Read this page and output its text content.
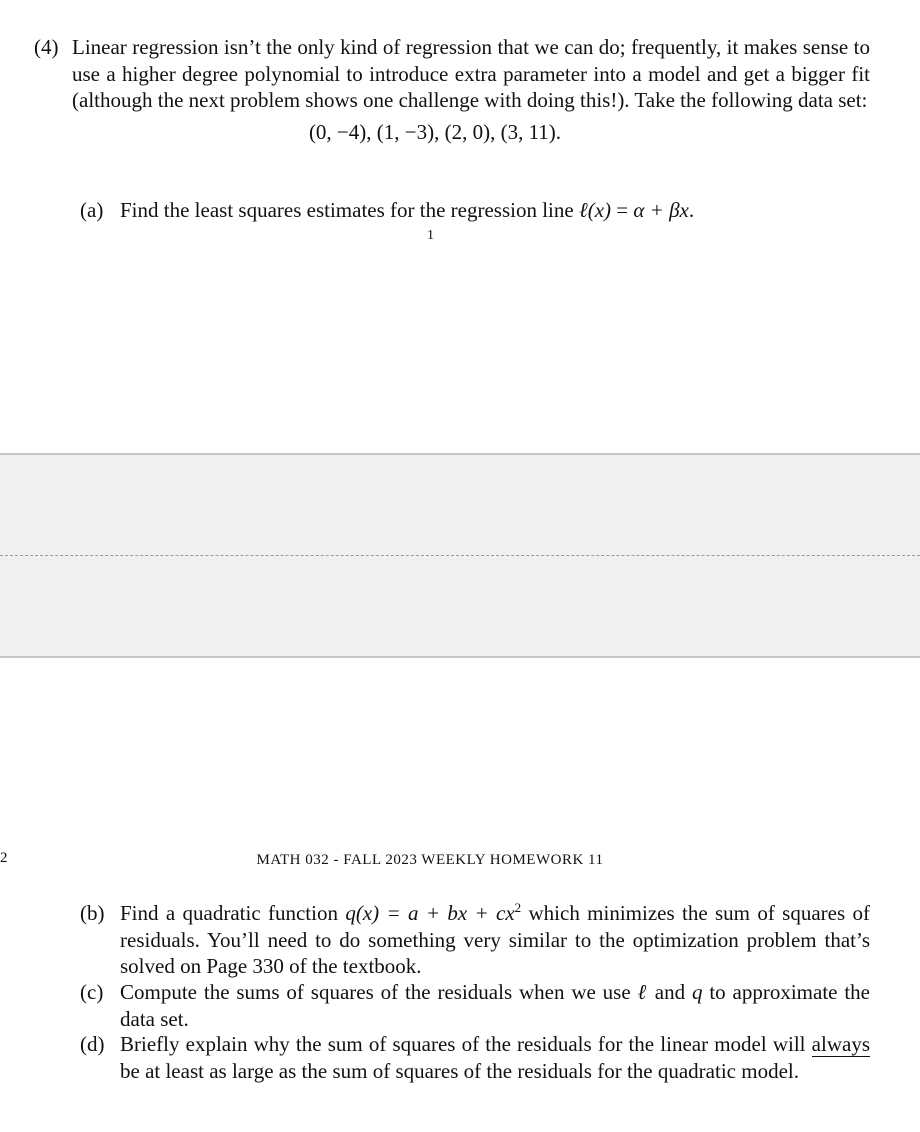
(4) Linear regression isn’t the only kind of regression that we can do; frequently, it makes sense to use a higher degree polynomial to introduce extra parameter into a model and get a bigger fit (although the next problem shows one challenge with doing this!). Take the following data set:
(0, −4), (1, −3), (2, 0), (3, 11).
(a) Find the least squares estimates for the regression line ℓ(x) = α + βx.
1
2	MATH 032 - FALL 2023 WEEKLY HOMEWORK 11
(b) Find a quadratic function q(x) = a + bx + $cx^2$ which minimizes the sum of squares of residuals. You’ll need to do something very similar to the optimization problem that’s solved on Page 330 of the textbook.
(c) Compute the sums of squares of the residuals when we use ℓ and q to approximate the data set.
(d) Briefly explain why the sum of squares of the residuals for the linear model will always be at least as large as the sum of squares of the residuals for the quadratic model.
